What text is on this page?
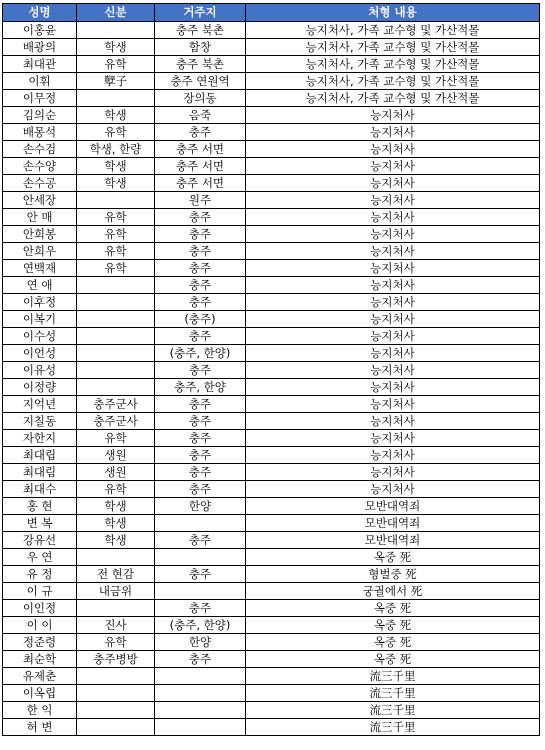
성명	신분	거주지	처형 내용
이홍윤		충주 북촌	능지처사, 가족 교수형 및 가산적몰
배광의	학생	함창	능지처사, 가족 교수형 및 가산적몰
최대관	유학	충주 북촌	능지처사, 가족 교수형 및 가산적몰
이휘	孼子	충주 연원역	능지처사, 가족 교수형 및 가산적몰
이무정		장의동	능지처사, 가족 교수형 및 가산적몰
김의순	학생	음죽	능지처사
배몽석	유학	충주	능지처사
손수검	학생, 한량	충주 서면	능지처사
손수양	학생	충주 서면	능지처사
손수공	학생	충주 서면	능지처사
안세장		원주	능지처사
안 매	유학	충주	능지처사
안희봉	유학	충주	능지처사
안희우	유학	충주	능지처사
연백재	유학	충주	능지처사
연 애		충주	능지처사
이후정		충주	능지처사
이복기		(충주)	능지처사
이수성		충주	능지처사
이언성		(충주, 한양)	능지처사
이유성		충주	능지처사
이정량		충주, 한양	능지처사
지억년	충주군사	충주	능지처사
지칠동	충주군사	충주	능지처사
자한지	유학	충주	능지처사
최대립	생원	충주	능지처사
최대림	생원	충주	능지처사
최대수	유학	충주	능지처사
홍 현	학생	한양	모반대역죄
변 복	학생		모반대역죄
강유선	학생	충주	모반대역죄
우 연			옥중 死
유 정	전 현감	충주	형벌중 死
이 규	내금위		궁궐에서 死
이인정		충주	옥중 死
이 이	진사	(충주, 한양)	옥중 死
정준령	유학	한양	옥중 死
최순학	충주병방	충주	옥중 死
유제춘			流三千里
이옥립			流三千里
한 익			流三千里
허 변			流三千里
